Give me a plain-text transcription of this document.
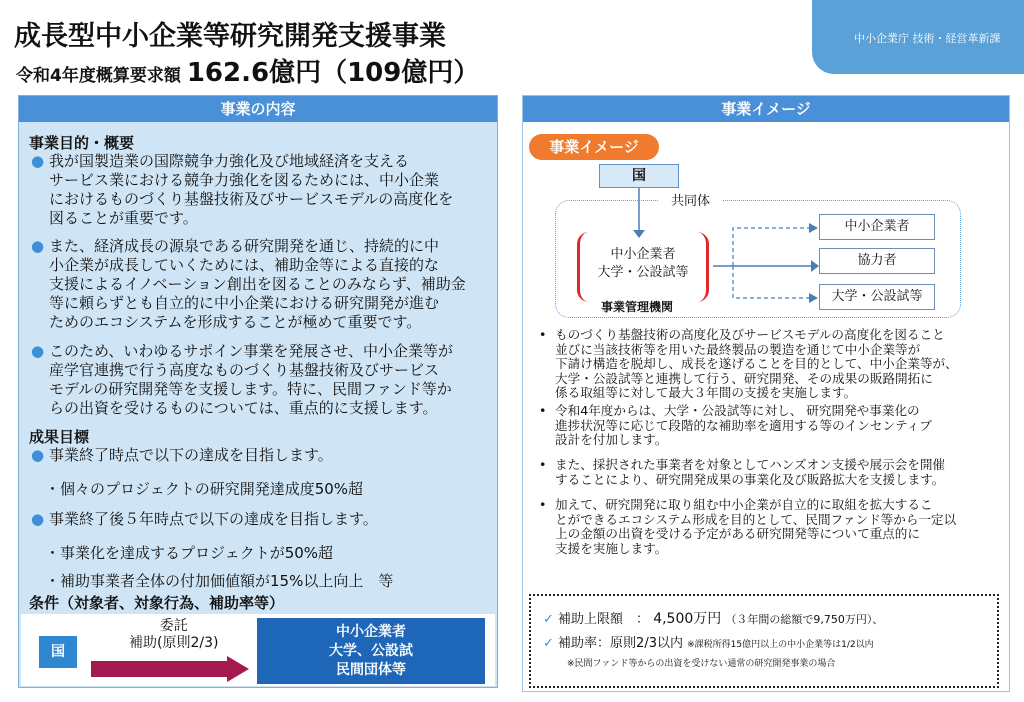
成長型中小企業等研究開発支援事業
令和4年度概算要求額 162.6億円（109億円）
中小企業庁 技術・経営革新課
事業の内容
事業目的・概要
● 我が国製造業の国際競争力強化及び地域経済を支える
サービス業における競争力強化を図るためには、中小企業
におけるものづくり基盤技術及びサービスモデルの高度化を
図ることが重要です。
● また、経済成長の源泉である研究開発を通じ、持続的に中
小企業が成長していくためには、補助金等による直接的な
支援によるイノベーション創出を図ることのみならず、補助金
等に頼らずとも自立的に中小企業における研究開発が進む
ためのエコシステムを形成することが極めて重要です。
● このため、いわゆるサポイン事業を発展させ、中小企業等が
産学官連携で行う高度なものづくり基盤技術及びサービス
モデルの研究開発等を支援します。特に、民間ファンド等か
らの出資を受けるものについては、重点的に支援します。
成果目標
● 事業終了時点で以下の達成を目指します。
・個々のプロジェクトの研究開発達成度50%超
● 事業終了後５年時点で以下の達成を目指します。
・事業化を達成するプロジェクトが50%超
・補助事業者全体の付加価値額が15%以上向上　等
条件（対象者、対象行為、補助率等）
国
委託
補助(原則2/3)
中小企業者
大学、公設試
民間団体等
事業イメージ
事業イメージ
国
共同体
中小企業者
大学・公設試等
事業管理機関
中小企業者
協力者
大学・公設試等
• ものづくり基盤技術の高度化及びサービスモデルの高度化を図ること
並びに当該技術等を用いた最終製品の製造を通じて中小企業等が
下請け構造を脱却し、成長を遂げることを目的として、中小企業等が、
大学・公設試等と連携して行う、研究開発、その成果の販路開拓に
係る取組等に対して最大３年間の支援を実施します。
• 令和4年度からは、大学・公設試等に対し、 研究開発や事業化の
進捗状況等に応じて段階的な補助率を適用する等のインセンティブ
設計を付加します。
• また、採択された事業者を対象としてハンズオン支援や展示会を開催
することにより、研究開発成果の事業化及び販路拡大を支援します。
• 加えて、研究開発に取り組む中小企業が自立的に取組を拡大するこ
とができるエコシステム形成を目的として、民間ファンド等から一定以
上の金額の出資を受ける予定がある研究開発等について重点的に
支援を実施します。
✓ 補助上限額　： 4,500万円 （３年間の総額で9,750万円）、
✓ 補助率：原則2/3以内 ※課税所得15億円以上の中小企業等は1/2以内
※民間ファンド等からの出資を受けない通常の研究開発事業の場合
